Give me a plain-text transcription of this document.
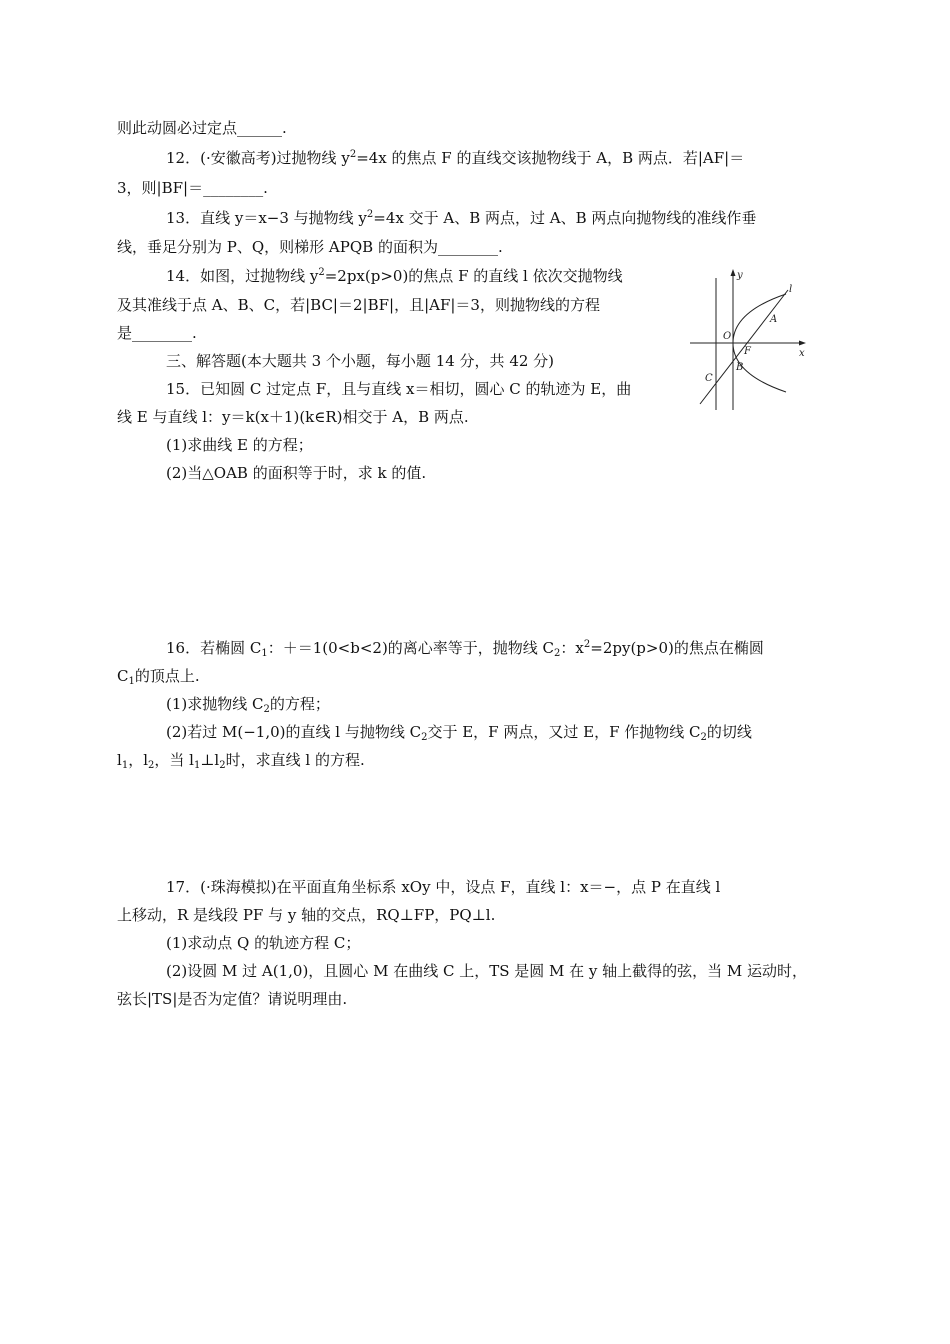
则此动圆必过定点______.
12．(·安徽高考)过抛物线 $y^2=4x$ 的焦点 F 的直线交该抛物线于 A，B 两点．若|AF|＝
3，则|BF|＝________.
13．直线 y＝x−3 与抛物线 $y^2=4x$ 交于 A、B 两点，过 A、B 两点向抛物线的准线作垂
线，垂足分别为 P、Q，则梯形 APQB 的面积为________.
14．如图，过抛物线 $y^2=2px(p>0)$的焦点 F 的直线 l 依次交抛物线
及其准线于点 A、B、C，若|BC|＝2|BF|，且|AF|＝3，则抛物线的方程
是________.
三、解答题(本大题共 3 个小题，每小题 14 分，共 42 分)
15．已知圆 C 过定点 F，且与直线 x＝相切，圆心 C 的轨迹为 E，曲
线 E 与直线 l：y＝k(x＋1)(k∈R)相交于 A，B 两点.
(1)求曲线 E 的方程；
(2)当△OAB 的面积等于时，求 k 的值.
16．若椭圆 $C_1$：＋＝1(0<b<2)的离心率等于，抛物线 $C_2$：$x^2=2py(p>0)$的焦点在椭圆
$C_1$的顶点上.
(1)求抛物线 $C_2$的方程；
(2)若过 M(−1,0)的直线 l 与抛物线 $C_2$交于 E，F 两点，又过 E，F 作抛物线 $C_2$的切线
$l_1$，$l_2$，当 $l_1\perp l_2$时，求直线 l 的方程.
17．(·珠海模拟)在平面直角坐标系 xOy 中，设点 F，直线 l：x＝−，点 P 在直线 l
上移动，R 是线段 PF 与 y 轴的交点，RQ⊥FP，PQ⊥l.
(1)求动点 Q 的轨迹方程 C；
(2)设圆 M 过 A(1,0)，且圆心 M 在曲线 C 上，TS 是圆 M 在 y 轴上截得的弦，当 M 运动时，
弦长|TS|是否为定值？请说明理由.
y
x
l
A
O
F
B
C
